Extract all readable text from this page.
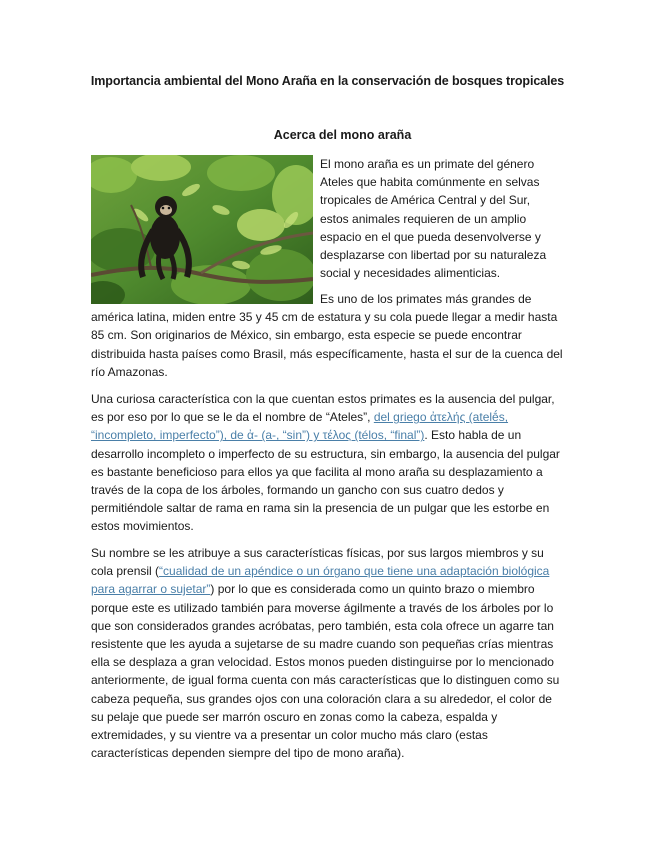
Importancia ambiental del Mono Araña en la conservación de bosques tropicales
Acerca del mono araña

El mono araña es un primate del género Ateles que habita comúnmente en selvas tropicales de América Central y del Sur, estos animales requieren de un amplio espacio en el que pueda desenvolverse y desplazarse con libertad por su naturaleza social y necesidades alimenticias.

Es uno de los primates más grandes de américa latina, miden entre 35 y 45 cm de estatura y su cola puede llegar a medir hasta 85 cm. Son originarios de México, sin embargo, esta especie se puede encontrar distribuida hasta países como Brasil, más específicamente, hasta el sur de la cuenca del río Amazonas.

Una curiosa característica con la que cuentan estos primates es la ausencia del pulgar, es por eso por lo que se le da el nombre de “Ateles”, del griego ἀτελής (atelḗs, “incompleto, imperfecto”), de ἀ- (a-, “sin”) y τέλος (télos, “final”). Esto habla de un desarrollo incompleto o imperfecto de su estructura, sin embargo, la ausencia del pulgar es bastante beneficioso para ellos ya que facilita al mono araña su desplazamiento a través de la copa de los árboles, formando un gancho con sus cuatro dedos y permitiéndole saltar de rama en rama sin la presencia de un pulgar que les estorbe en estos movimientos.

Su nombre se les atribuye a sus características físicas, por sus largos miembros y su cola prensil (“cualidad de un apéndice o un órgano que tiene una adaptación biológica para agarrar o sujetar”) por lo que es considerada como un quinto brazo o miembro porque este es utilizado también para moverse ágilmente a través de los árboles por lo que son considerados grandes acróbatas, pero también, esta cola ofrece un agarre tan resistente que les ayuda a sujetarse de su madre cuando son pequeñas crías mientras ella se desplaza a gran velocidad. Estos monos pueden distinguirse por lo mencionado anteriormente, de igual forma cuenta con más características que lo distinguen como su cabeza pequeña, sus grandes ojos con una coloración clara a su alrededor, el color de su pelaje que puede ser marrón oscuro en zonas como la cabeza, espalda y extremidades, y su vientre va a presentar un color mucho más claro (estas características dependen siempre del tipo de mono araña).
